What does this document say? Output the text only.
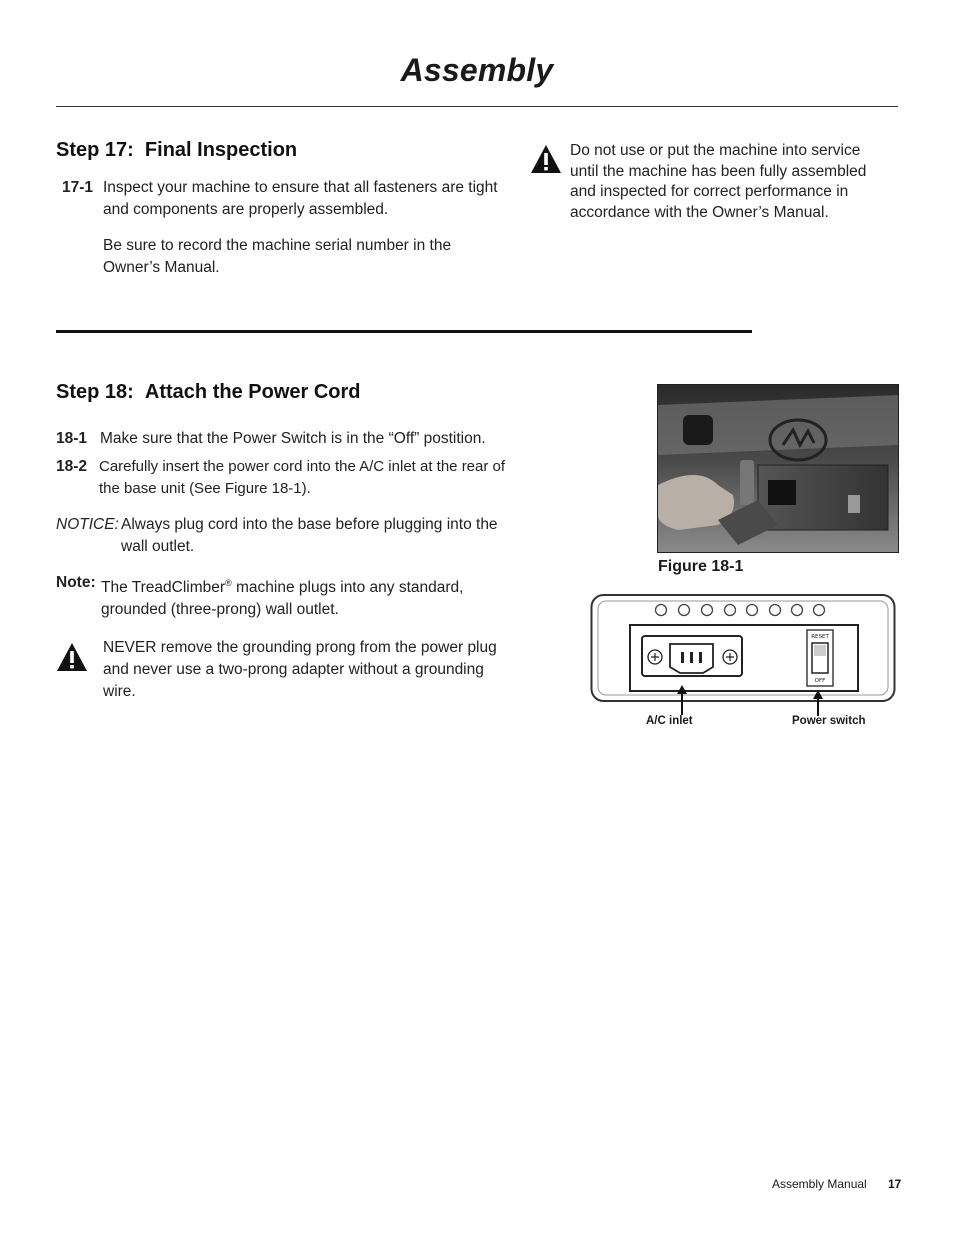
Assembly
Step 17:  Final Inspection
17-1 Inspect your machine to ensure that all fasteners are tight and components are properly assembled.
Be sure to record the machine serial number in the Owner’s Manual.
Do not use or put the machine into service until the machine has been fully assembled and inspected for correct performance in accordance with the Owner’s Manual.
Step 18:  Attach the Power Cord
18-1 Make sure that the Power Switch is in the “Off” postition.
18-2 Carefully insert the power cord into the A/C inlet at the rear of the base unit (See Figure 18-1).
NOTICE: Always plug cord into the base before plugging into the wall outlet.
Note: The TreadClimber® machine plugs into any standard, grounded (three-prong) wall outlet.
NEVER remove the grounding prong from the power plug and never use a two-prong adapter without a grounding wire.
Figure 18-1
RESET
OFF
A/C inlet	Power switch
Assembly Manual 17
